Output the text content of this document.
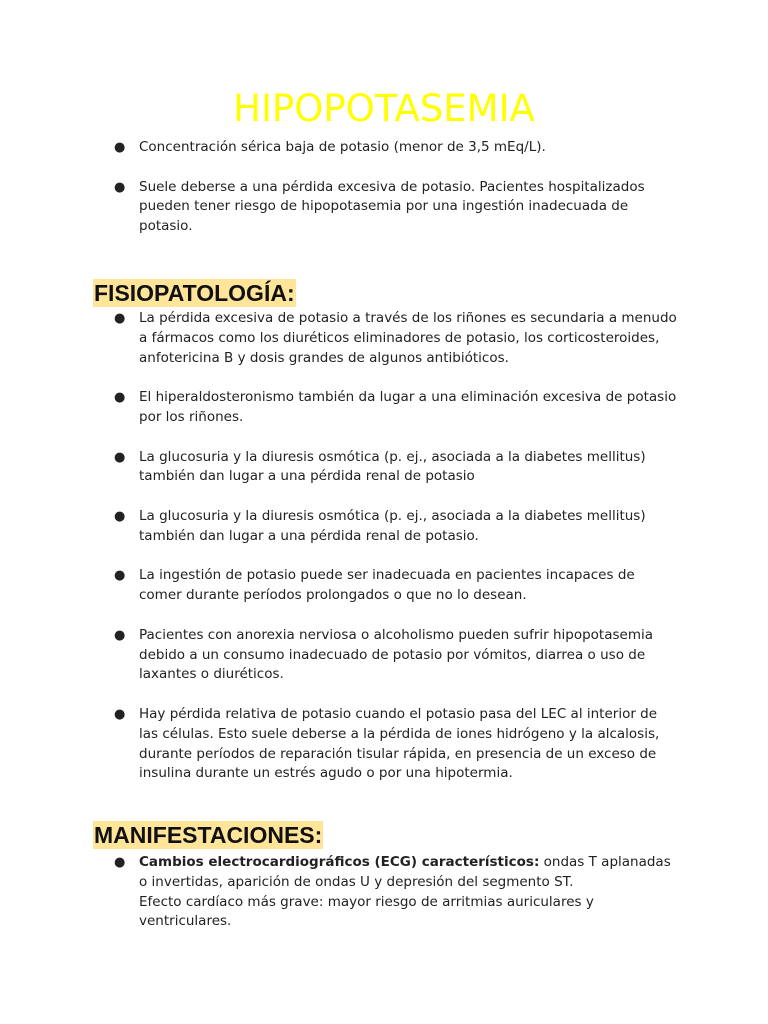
HIPOPOTASEMIA
● Concentración sérica baja de potasio (menor de 3,5 mEq/L).
● Suele deberse a una pérdida excesiva de potasio. Pacientes hospitalizados pueden tener riesgo de hipopotasemia por una ingestión inadecuada de potasio.
FISIOPATOLOGÍA:
● La pérdida excesiva de potasio a través de los riñones es secundaria a menudo a fármacos como los diuréticos eliminadores de potasio, los corticosteroides, anfotericina B y dosis grandes de algunos antibióticos.
● El hiperaldosteronismo también da lugar a una eliminación excesiva de potasio por los riñones.
● La glucosuria y la diuresis osmótica (p. ej., asociada a la diabetes mellitus) también dan lugar a una pérdida renal de potasio
● La glucosuria y la diuresis osmótica (p. ej., asociada a la diabetes mellitus) también dan lugar a una pérdida renal de potasio.
● La ingestión de potasio puede ser inadecuada en pacientes incapaces de comer durante períodos prolongados o que no lo desean.
● Pacientes con anorexia nerviosa o alcoholismo pueden sufrir hipopotasemia debido a un consumo inadecuado de potasio por vómitos, diarrea o uso de laxantes o diuréticos.
● Hay pérdida relativa de potasio cuando el potasio pasa del LEC al interior de las células. Esto suele deberse a la pérdida de iones hidrógeno y la alcalosis, durante períodos de reparación tisular rápida, en presencia de un exceso de insulina durante un estrés agudo o por una hipotermia.
MANIFESTACIONES:
● Cambios electrocardiográficos (ECG) característicos: ondas T aplanadas o invertidas, aparición de ondas U y depresión del segmento ST.
Efecto cardíaco más grave: mayor riesgo de arritmias auriculares y ventriculares.
